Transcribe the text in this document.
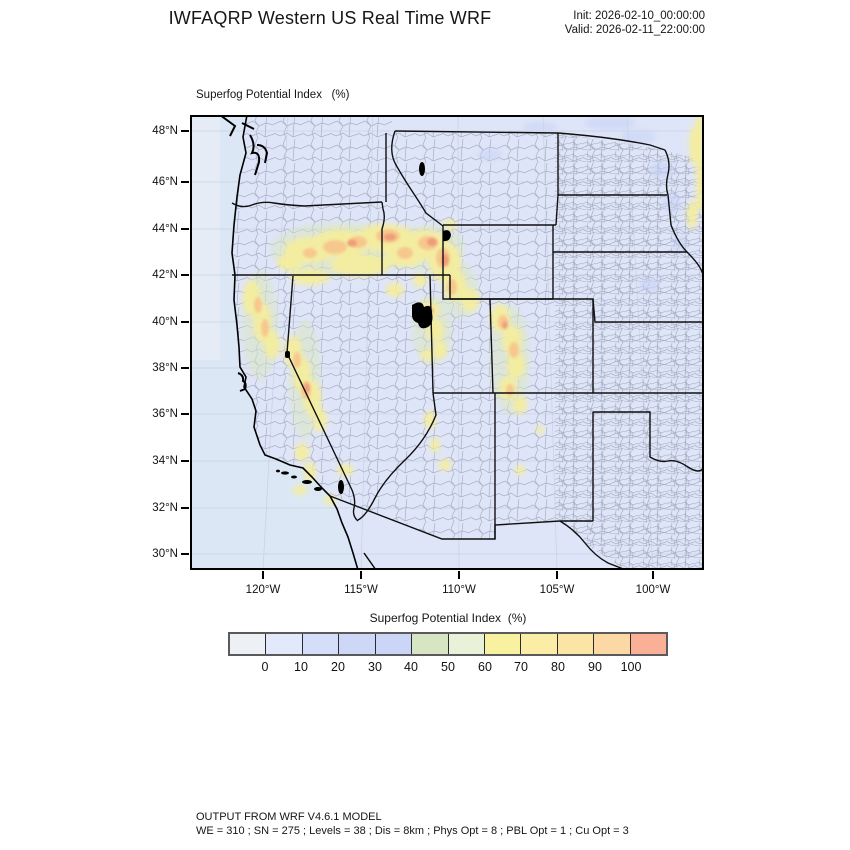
IWFAQRP Western US Real Time WRF	Init: 2026-02-10_00:00:00
Valid: 2026-02-11_22:00:00
Superfog Potential Index   (%)
48°N
46°N
44°N
42°N
40°N
38°N
36°N
34°N
32°N
30°N
120°W	115°W	110°W	105°W	100°W
Superfog Potential Index  (%)
0	10	20	30	40	50	60	70	80	90	100
OUTPUT FROM WRF V4.6.1 MODEL
WE = 310 ; SN = 275 ; Levels = 38 ; Dis = 8km ; Phys Opt = 8 ; PBL Opt = 1 ; Cu Opt = 3
